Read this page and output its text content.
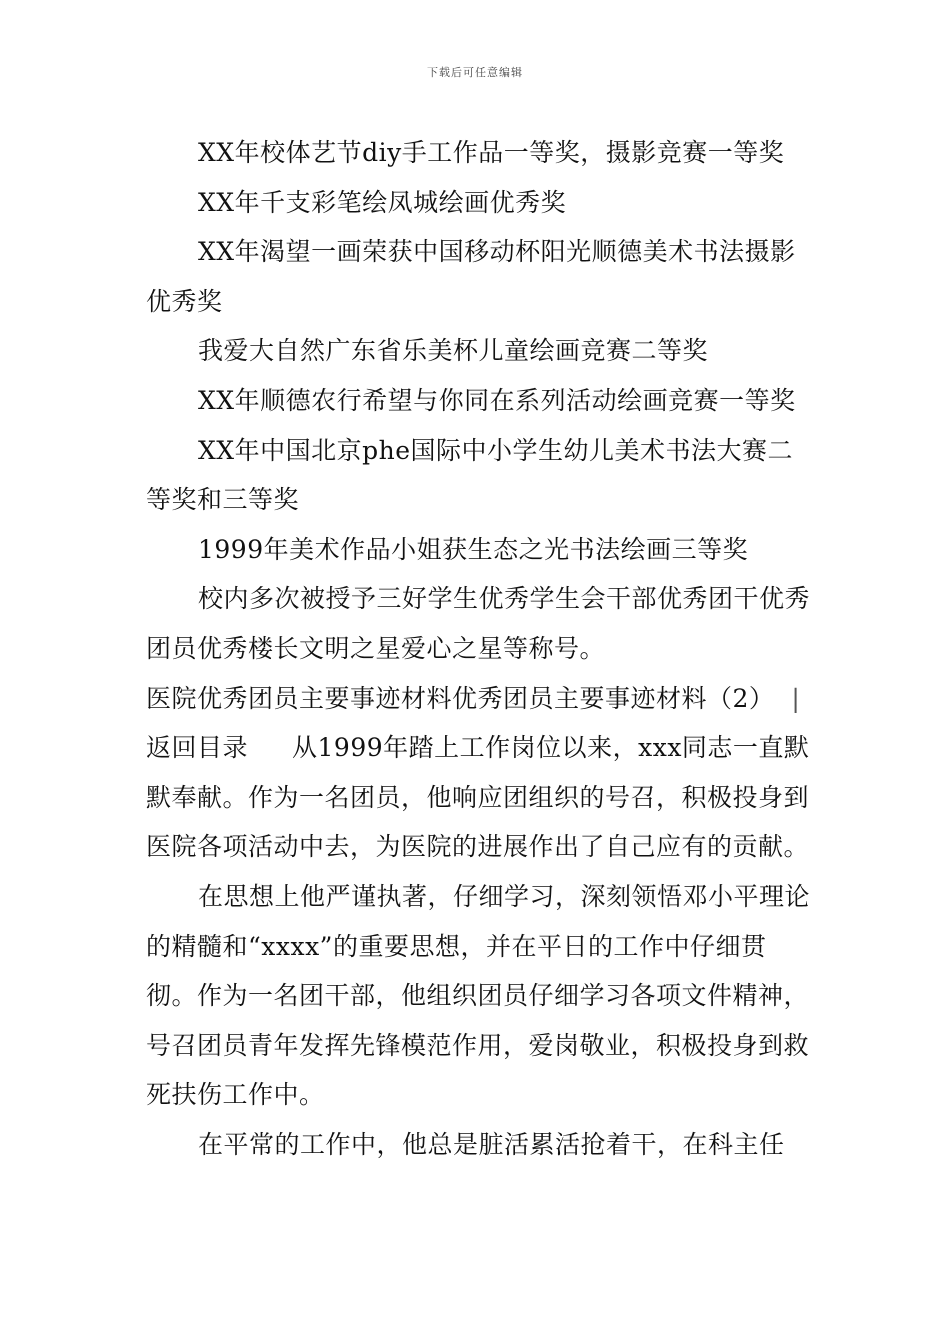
下载后可任意编辑

XX年校体艺节diy手工作品一等奖，摄影竞赛一等奖

XX年千支彩笔绘凤城绘画优秀奖

XX年渴望一画荣获中国移动杯阳光顺德美术书法摄影优秀奖

我爱大自然广东省乐美杯儿童绘画竞赛二等奖

XX年顺德农行希望与你同在系列活动绘画竞赛一等奖

XX年中国北京phe国际中小学生幼儿美术书法大赛二等奖和三等奖

1999年美术作品小姐获生态之光书法绘画三等奖

校内多次被授予三好学生优秀学生会干部优秀团干优秀团员优秀楼长文明之星爱心之星等称号。

医院优秀团员主要事迹材料优秀团员主要事迹材料（2） |
返回目录 从1999年踏上工作岗位以来，xxx同志一直默默奉献。作为一名团员，他响应团组织的号召，积极投身到医院各项活动中去，为医院的进展作出了自己应有的贡献。

在思想上他严谨执著，仔细学习，深刻领悟邓小平理论的精髓和“xxxx”的重要思想，并在平日的工作中仔细贯彻。作为一名团干部，他组织团员仔细学习各项文件精神，号召团员青年发挥先锋模范作用，爱岗敬业，积极投身到救死扶伤工作中。

在平常的工作中，他总是脏活累活抢着干，在科主任
